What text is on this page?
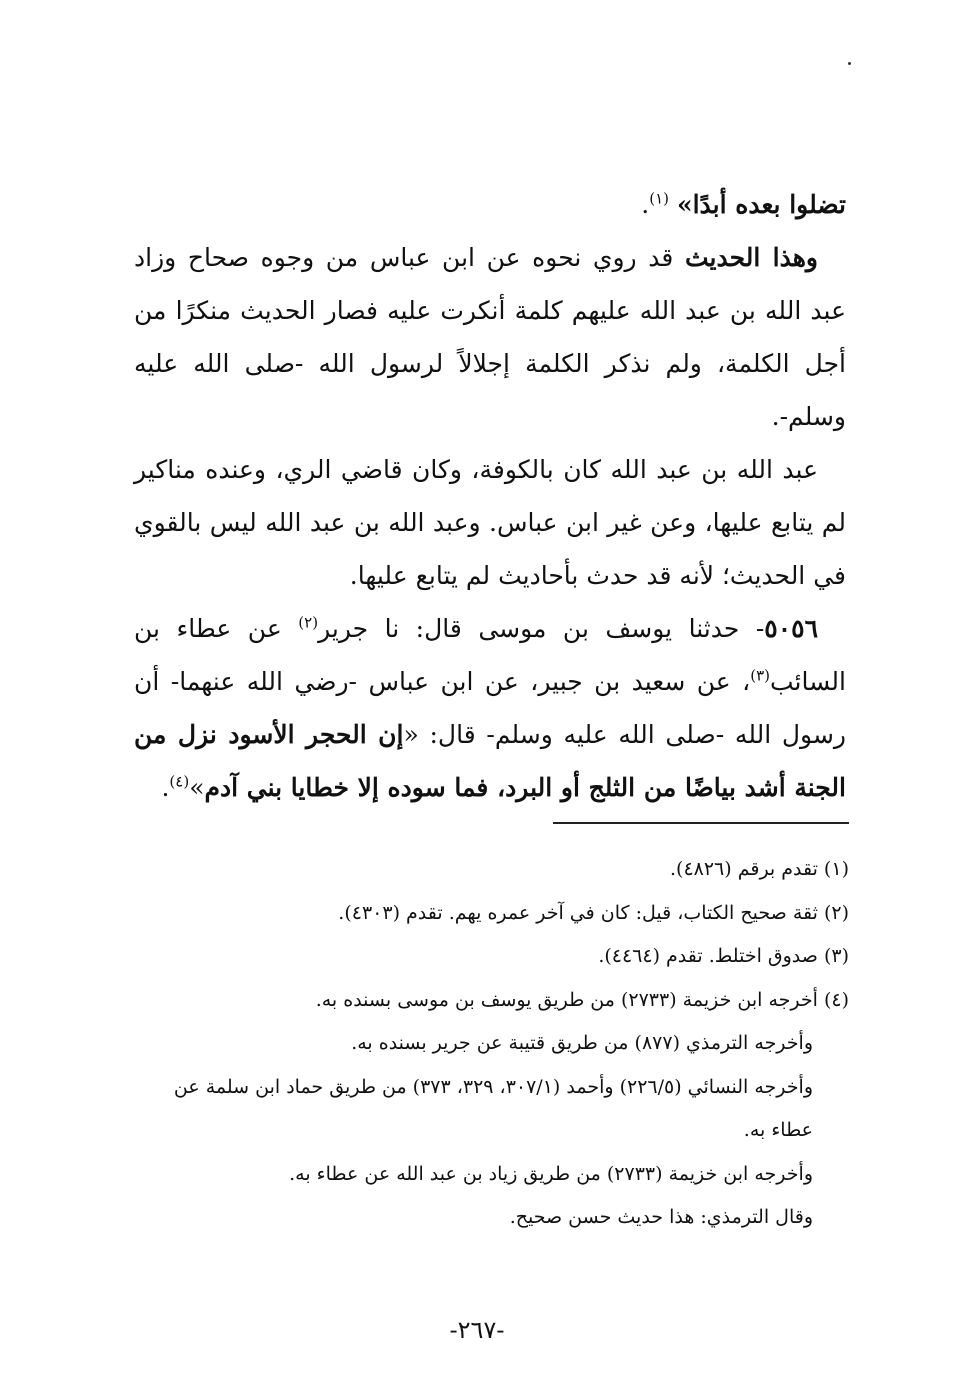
تضلوا بعده أبدًا» $^{(١)}$.

وهذا الحديث قد روي نحوه عن ابن عباس من وجوه صحاح وزاد عبد الله بن عبد الله عليهم كلمة أنكرت عليه فصار الحديث منكرًا من أجل الكلمة، ولم نذكر الكلمة إجلالاً لرسول الله -صلى الله عليه وسلم-.

عبد الله بن عبد الله كان بالكوفة، وكان قاضي الري، وعنده مناكير لم يتابع عليها، وعن غير ابن عباس. وعبد الله بن عبد الله ليس بالقوي في الحديث؛ لأنه قد حدث بأحاديث لم يتابع عليها.

٥٠٥٦- حدثنا يوسف بن موسى قال: نا جرير$^{(٢)}$ عن عطاء بن السائب$^{(٣)}$، عن سعيد بن جبير، عن ابن عباس -رضي الله عنهما- أن رسول الله -صلى الله عليه وسلم- قال: «إن الحجر الأسود نزل من الجنة أشد بياضًا من الثلج أو البرد، فما سوده إلا خطايا بني آدم»$^{(٤)}$.

(١) تقدم برقم (٤٨٢٦).

(٢) ثقة صحيح الكتاب، قيل: كان في آخر عمره يهم. تقدم (٤٣٠٣).

(٣) صدوق اختلط. تقدم (٤٤٦٤).

(٤) أخرجه ابن خزيمة (٢٧٣٣) من طريق يوسف بن موسى بسنده به.

وأخرجه الترمذي (٨٧٧) من طريق قتيبة عن جرير بسنده به.

وأخرجه النسائي (٢٢٦/٥) وأحمد (٣٠٧/١، ٣٢٩، ٣٧٣) من طريق حماد ابن سلمة عن عطاء به.

وأخرجه ابن خزيمة (٢٧٣٣) من طريق زياد بن عبد الله عن عطاء به.

وقال الترمذي: هذا حديث حسن صحيح.

-٢٦٧-
